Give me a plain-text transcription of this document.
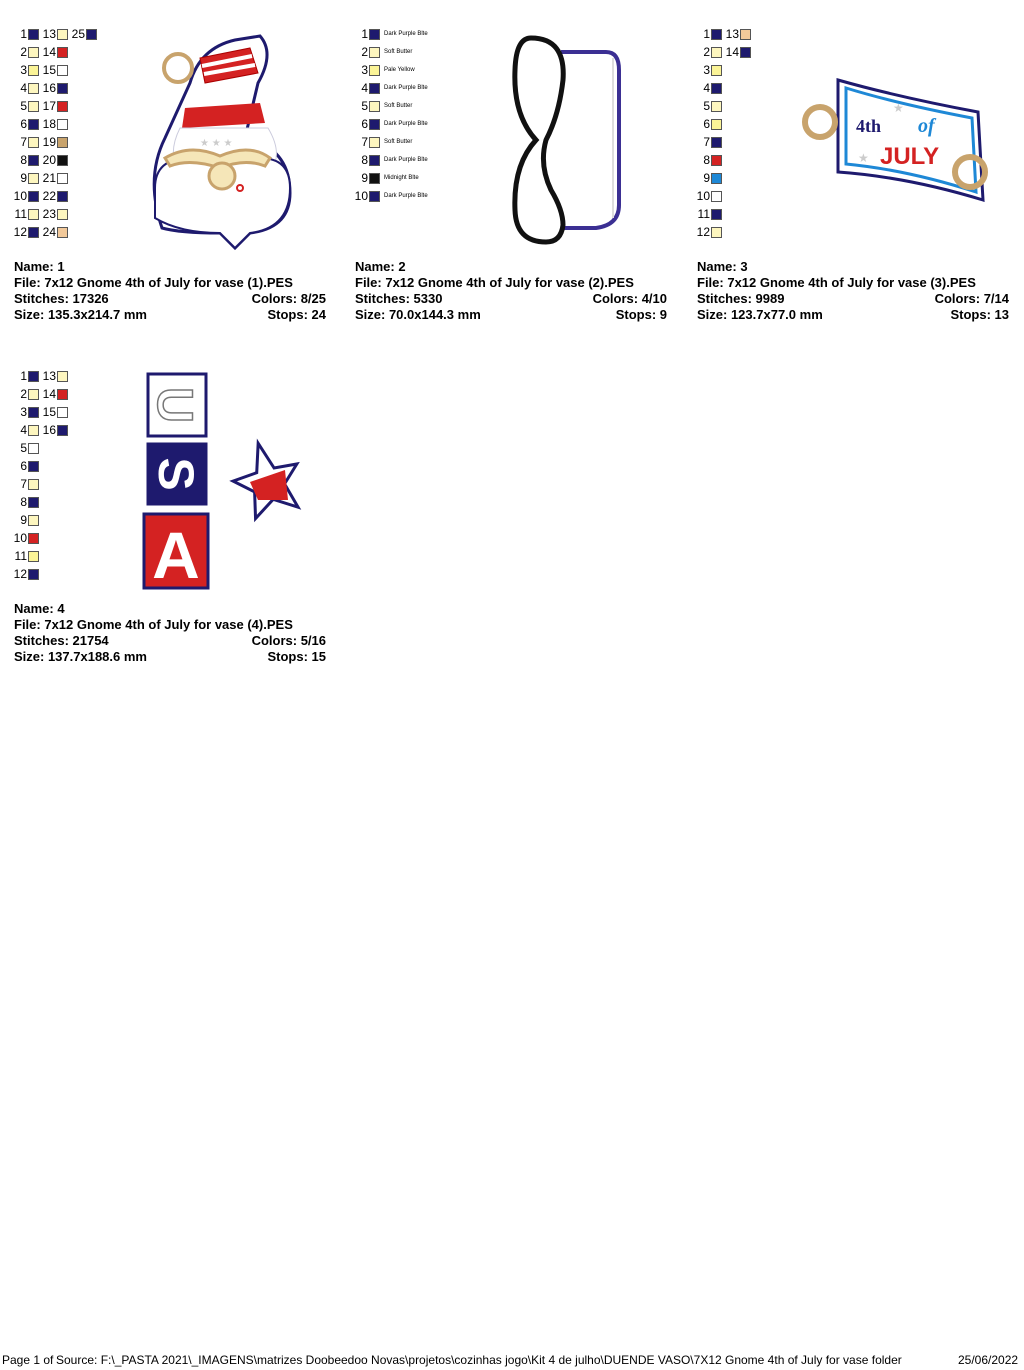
1
2
3
4
5
6
7
8
9
10
11
12
13
14
15
16
17
18
19
20
21
22
23
24
25
★ ★ ★
Name: 1
File: 7x12 Gnome 4th of July for vase (1).PES
Stitches: 17326	Colors: 8/25
Size: 135.3x214.7 mm	Stops: 24
1	Dark Purple Blte
2	Soft Butter
3	Pale Yellow
4	Dark Purple Blte
5	Soft Butter
6	Dark Purple Blte
7	Soft Butter
8	Dark Purple Blte
9	Midnight Blte
10	Dark Purple Blte
Name: 2
File: 7x12 Gnome 4th of July for vase (2).PES
Stitches: 5330	Colors: 4/10
Size: 70.0x144.3 mm	Stops: 9
1
2
3
4
5
6
7
8
9
10
11
12
13
14
4th of
JULY
★
★
Name: 3
File: 7x12 Gnome 4th of July for vase (3).PES
Stitches: 9989	Colors: 7/14
Size: 123.7x77.0 mm	Stops: 13
1
2
3
4
5
6
7
8
9
10
11
12
13
14
15
16
U
S
A
Name: 4
File: 7x12 Gnome 4th of July for vase (4).PES
Stitches: 21754	Colors: 5/16
Size: 137.7x188.6 mm	Stops: 15
Page 1 of Source: F:\_PASTA 2021\_IMAGENS\matrizes Doobeedoo Novas\projetos\cozinhas jogo\Kit 4 de julho\DUENDE VASO\7X12 Gnome 4th of July for vase folder	25/06/2022
